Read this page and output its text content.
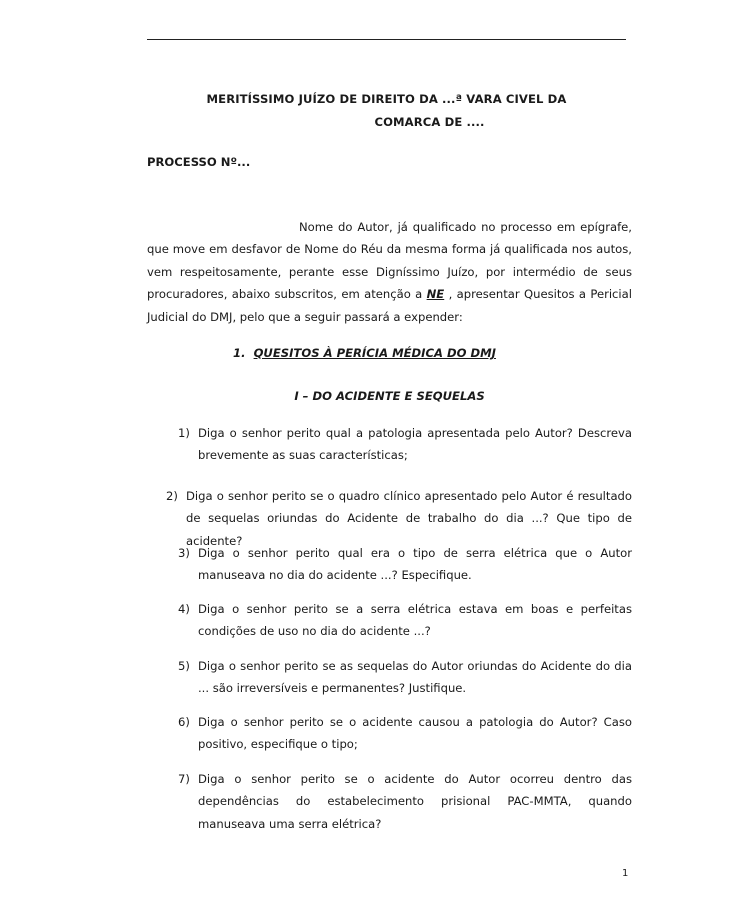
MERITÍSSIMO JUÍZO DE DIREITO DA ...ª VARA CIVEL DA
COMARCA DE ....
PROCESSO Nº...
Nome do Autor, já qualificado no processo em epígrafe, que move em desfavor de Nome do Réu da mesma forma já qualificada nos autos, vem respeitosamente, perante esse Digníssimo Juízo, por intermédio de seus procuradores, abaixo subscritos, em atenção a NE , apresentar Quesitos a Pericial Judicial do DMJ, pelo que a seguir passará a expender:
1. QUESITOS À PERÍCIA MÉDICA DO DMJ
I – DO ACIDENTE E SEQUELAS
1) Diga o senhor perito qual a patologia apresentada pelo Autor? Descreva brevemente as suas características;
2) Diga o senhor perito se o quadro clínico apresentado pelo Autor é resultado de sequelas oriundas do Acidente de trabalho do dia ...? Que tipo de acidente?
3) Diga o senhor perito qual era o tipo de serra elétrica que o Autor manuseava no dia do acidente ...? Especifique.
4) Diga o senhor perito se a serra elétrica estava em boas e perfeitas condições de uso no dia do acidente ...?
5) Diga o senhor perito se as sequelas do Autor oriundas do Acidente do dia ... são irreversíveis e permanentes? Justifique.
6) Diga o senhor perito se o acidente causou a patologia do Autor? Caso positivo, especifique o tipo;
7) Diga o senhor perito se o acidente do Autor ocorreu dentro das dependências do estabelecimento prisional PAC-MMTA, quando manuseava uma serra elétrica?
1
